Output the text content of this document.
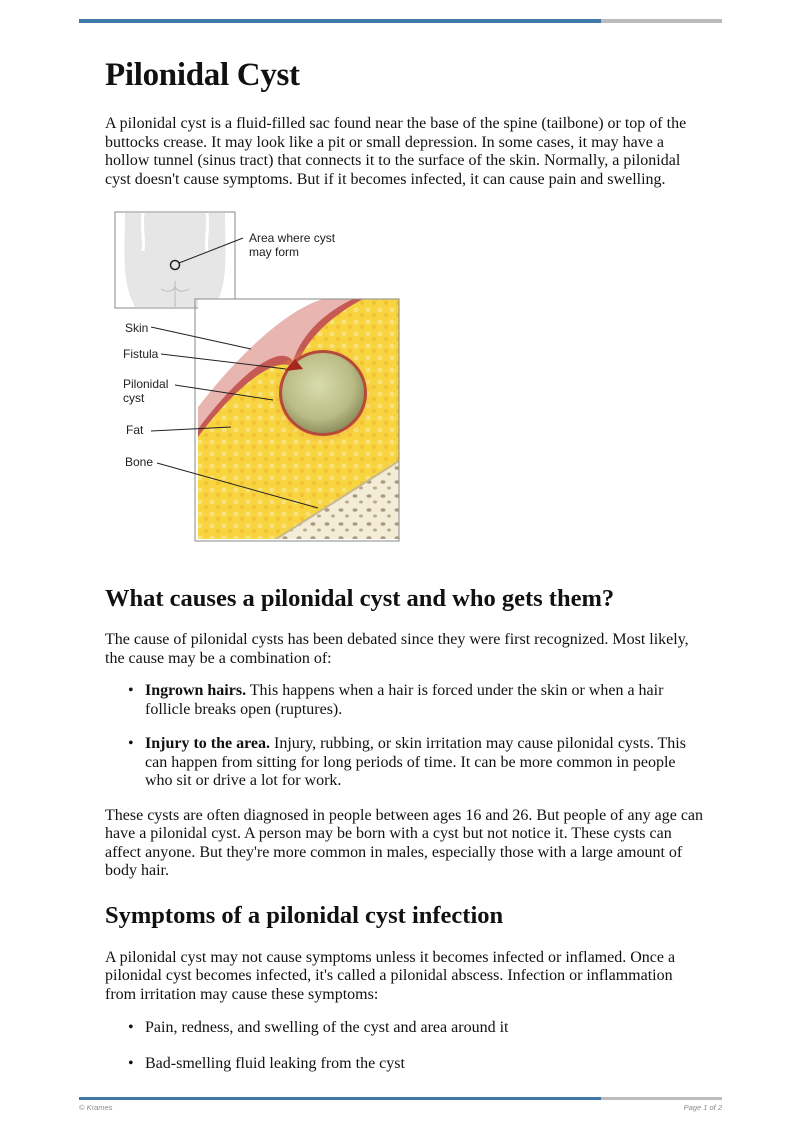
Pilonidal Cyst

A pilonidal cyst is a fluid-filled sac found near the base of the spine (tailbone) or top of the buttocks crease. It may look like a pit or small depression. In some cases, it may have a hollow tunnel (sinus tract) that connects it to the surface of the skin. Normally, a pilonidal cyst doesn't cause symptoms. But if it becomes infected, it can cause pain and swelling.

Area where cyst
may form
Skin
Fistula
Pilonidal
cyst
Fat
Bone
What causes a pilonidal cyst and who gets them?

The cause of pilonidal cysts has been debated since they were first recognized. Most likely, the cause may be a combination of:

• Ingrown hairs. This happens when a hair is forced under the skin or when a hair follicle breaks open (ruptures).
• Injury to the area. Injury, rubbing, or skin irritation may cause pilonidal cysts. This can happen from sitting for long periods of time. It can be more common in people who sit or drive a lot for work.

These cysts are often diagnosed in people between ages 16 and 26. But people of any age can have a pilonidal cyst. A person may be born with a cyst but not notice it. These cysts can affect anyone. But they're more common in males, especially those with a large amount of body hair.

Symptoms of a pilonidal cyst infection

A pilonidal cyst may not cause symptoms unless it becomes infected or inflamed. Once a pilonidal cyst becomes infected, it's called a pilonidal abscess. Infection or inflammation from irritation may cause these symptoms:

• Pain, redness, and swelling of the cyst and area around it
• Bad-smelling fluid leaking from the cyst
© Krames	Page 1 of 2
